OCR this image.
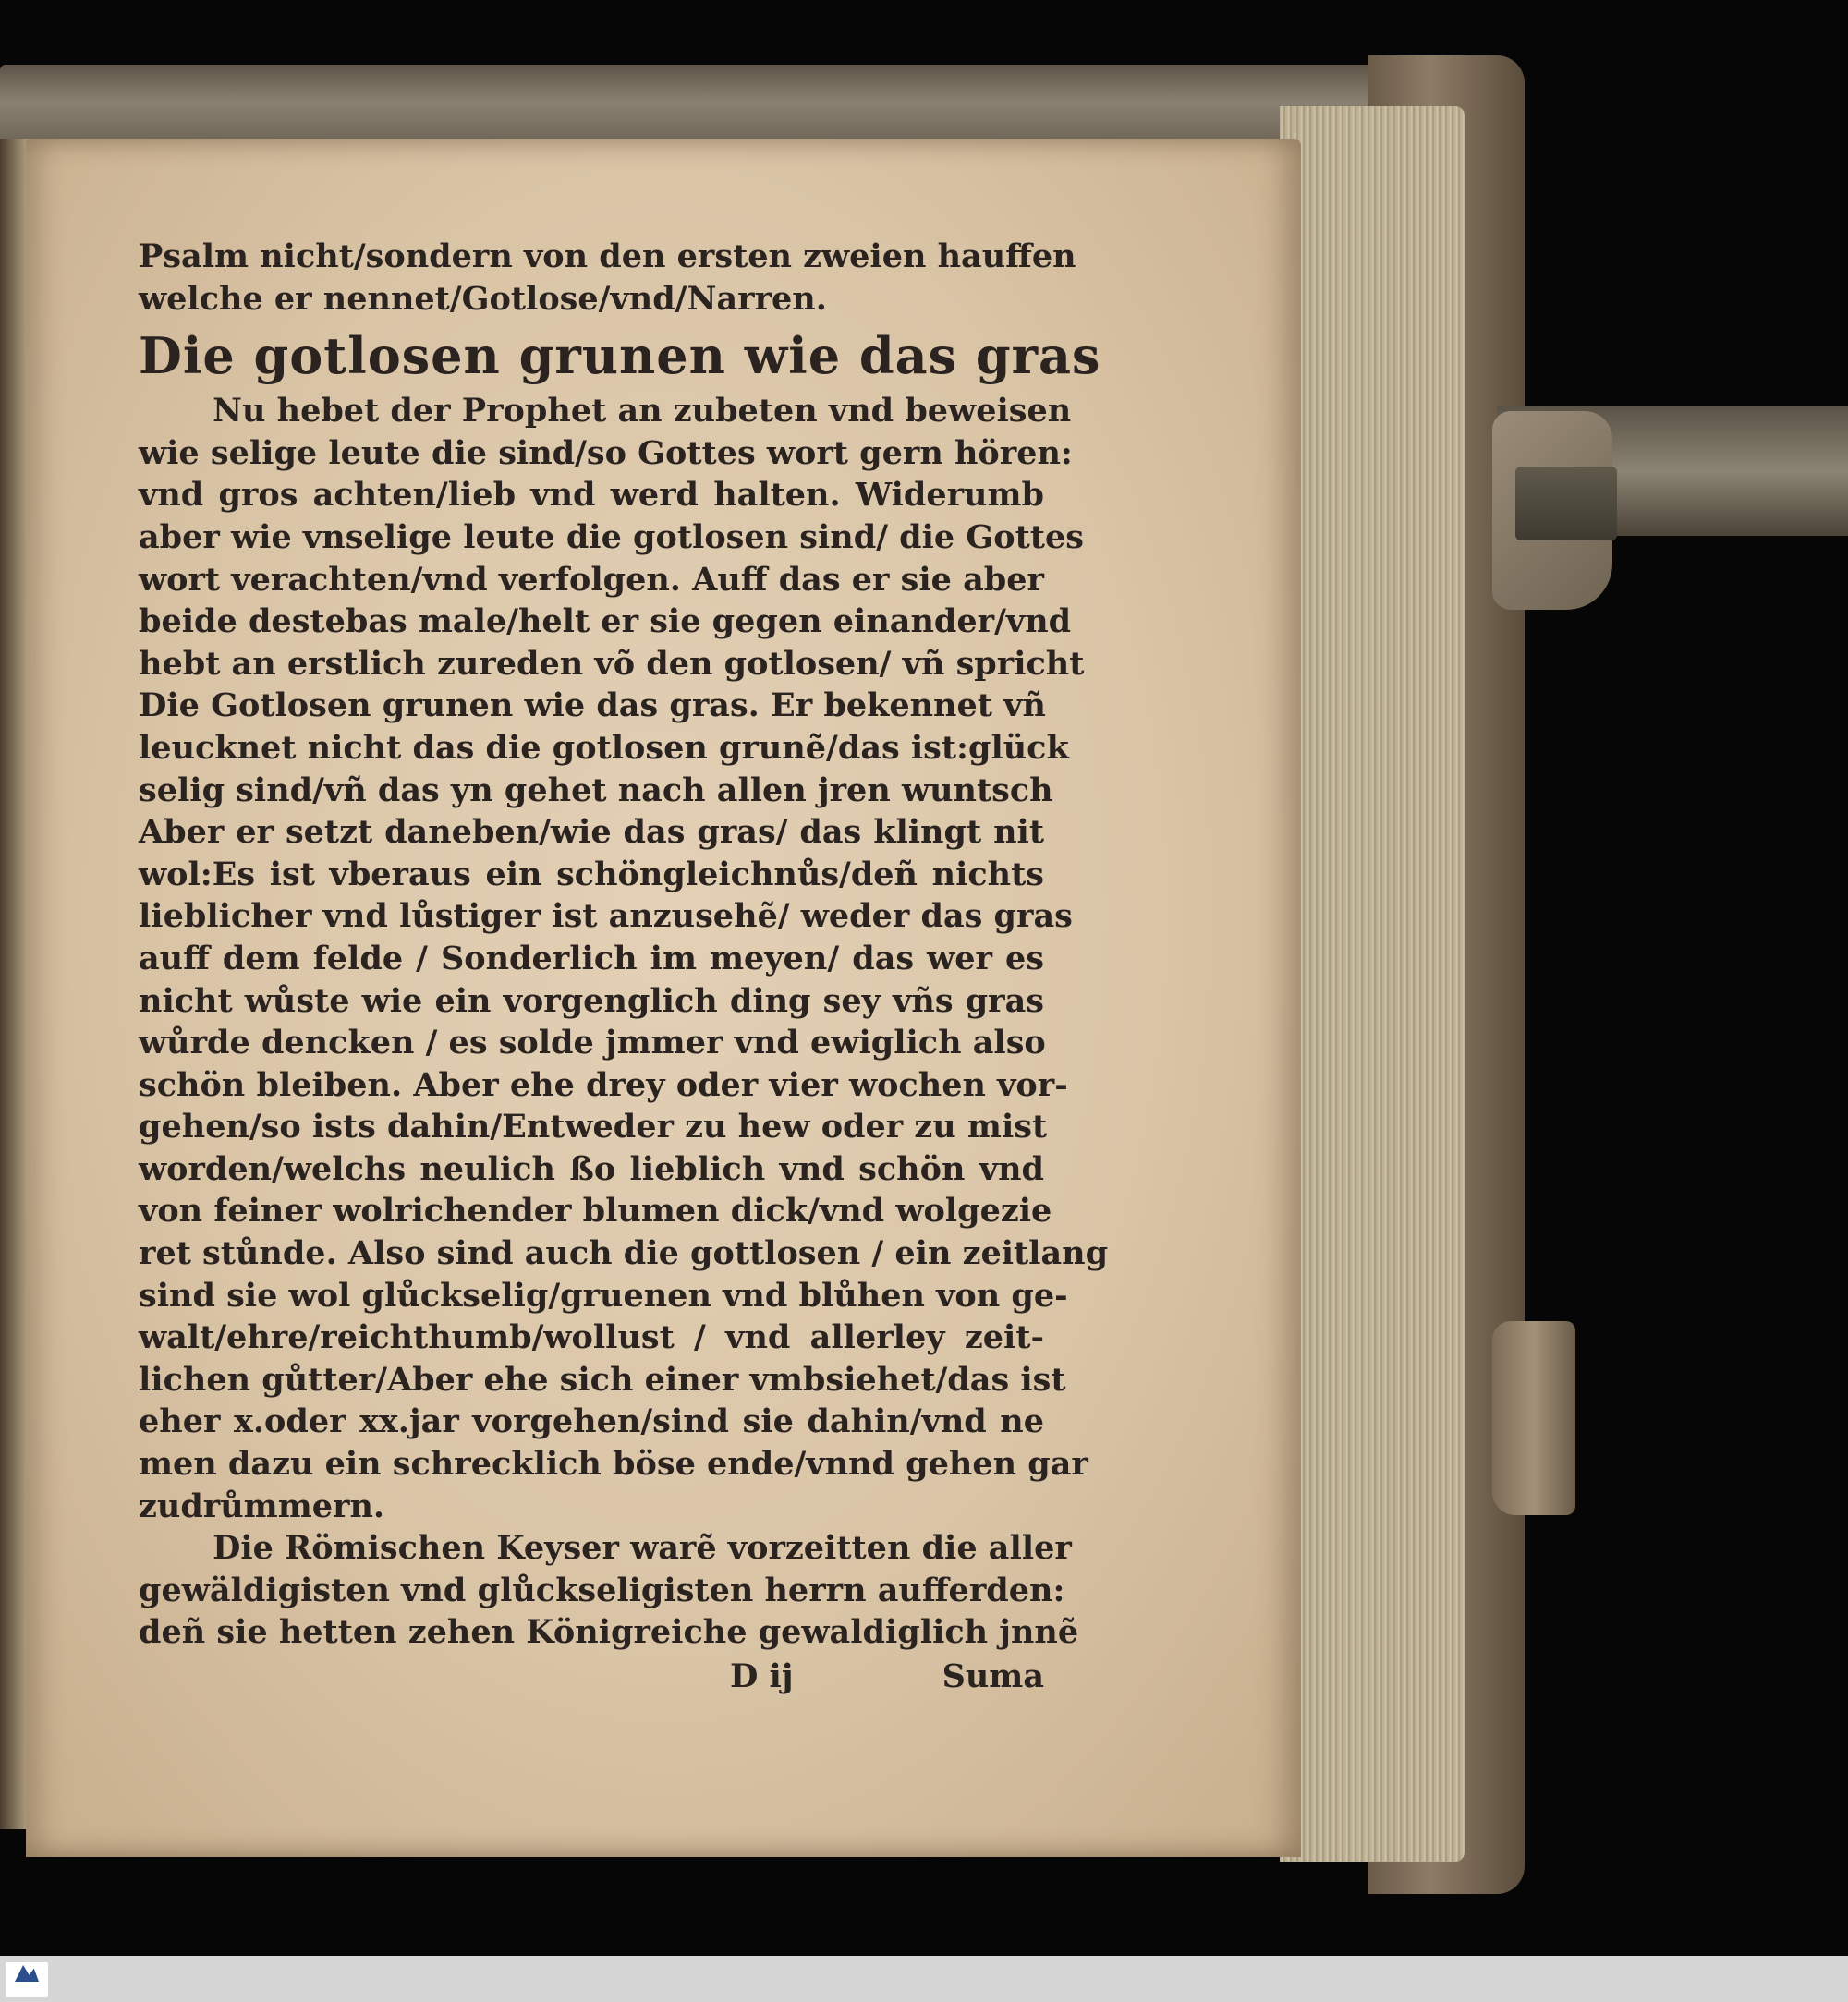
Psalm nicht/sondern von den ersten zweien hauffen
welche er nennet/Gotlose/vnd/Narren.
Die gotlosen grunen wie das gras
Nu hebet der Prophet an zubeten vnd beweisen
wie selige leute die sind/so Gottes wort gern hören:
vnd gros achten/lieb vnd werd halten. Widerumb
aber wie vnselige leute die gotlosen sind/ die Gottes
wort verachten/vnd verfolgen. Auff das er sie aber
beide destebas male/helt er sie gegen einander/vnd
hebt an erstlich zureden võ den gotlosen/ vñ spricht
Die Gotlosen grunen wie das gras. Er bekennet vñ
leucknet nicht das die gotlosen grunẽ/das ist:glück
selig sind/vñ das yn gehet nach allen jren wuntsch
Aber er setzt daneben/wie das gras/ das klingt nit
wol:Es ist vberaus ein schöngleichnůs/deñ nichts
lieblicher vnd lůstiger ist anzusehẽ/ weder das gras
auff dem felde / Sonderlich im meyen/ das wer es
nicht wůste wie ein vorgenglich ding sey vñs gras
wůrde dencken / es solde jmmer vnd ewiglich also
schön bleiben. Aber ehe drey oder vier wochen vor-
gehen/so ists dahin/Entweder zu hew oder zu mist
worden/welchs neulich ßo lieblich vnd schön vnd
von feiner wolrichender blumen dick/vnd wolgezie
ret stůnde. Also sind auch die gottlosen / ein zeitlang
sind sie wol glůckselig/gruenen vnd blůhen von ge-
walt/ehre/reichthumb/wollust / vnd allerley zeit-
lichen gůtter/Aber ehe sich einer vmbsiehet/das ist
eher x.oder xx.jar vorgehen/sind sie dahin/vnd ne
men dazu ein schrecklich böse ende/vnnd gehen gar
zudrůmmern.
Die Römischen Keyser warẽ vorzeitten die aller
gewäldigisten vnd glůckseligisten herrn aufferden:
deñ sie hetten zehen Königreiche gewaldiglich jnnẽ
D ij	Suma
